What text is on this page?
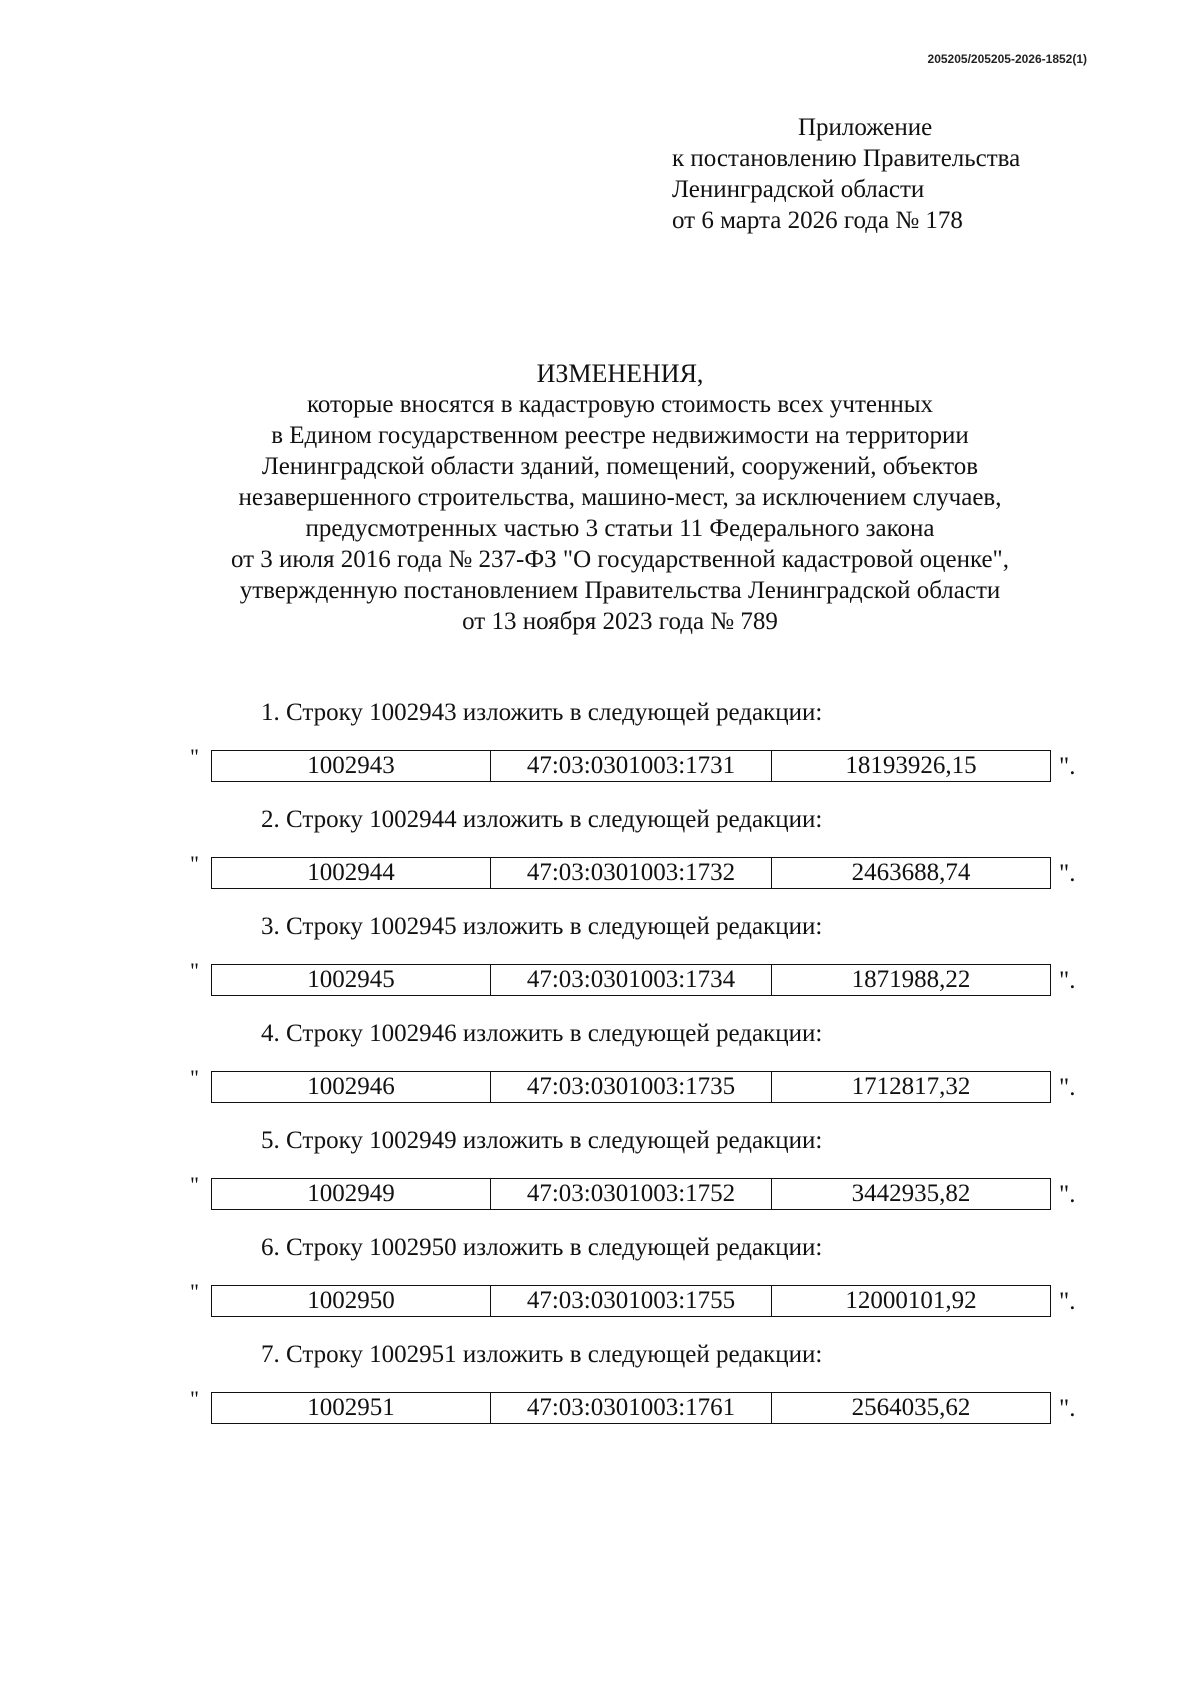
205205/205205-2026-1852(1)
Приложение
к постановлению Правительства
Ленинградской области
от 6 марта 2026 года № 178
ИЗМЕНЕНИЯ,
которые вносятся в кадастровую стоимость всех учтенных
в Едином государственном реестре недвижимости на территории
Ленинградской области зданий, помещений, сооружений, объектов
незавершенного строительства, машино-мест, за исключением случаев,
предусмотренных частью 3 статьи 11 Федерального закона
от 3 июля 2016 года № 237-ФЗ "О государственной кадастровой оценке",
утвержденную постановлением Правительства Ленинградской области
от 13 ноября 2023 года № 789
1. Строку 1002943 изложить в следующей редакции:
"	1002943	47:03:0301003:1731	18193926,15	".
2. Строку 1002944 изложить в следующей редакции:
"	1002944	47:03:0301003:1732	2463688,74	".
3. Строку 1002945 изложить в следующей редакции:
"	1002945	47:03:0301003:1734	1871988,22	".
4. Строку 1002946 изложить в следующей редакции:
"	1002946	47:03:0301003:1735	1712817,32	".
5. Строку 1002949 изложить в следующей редакции:
"	1002949	47:03:0301003:1752	3442935,82	".
6. Строку 1002950 изложить в следующей редакции:
"	1002950	47:03:0301003:1755	12000101,92	".
7. Строку 1002951 изложить в следующей редакции:
"	1002951	47:03:0301003:1761	2564035,62	".
